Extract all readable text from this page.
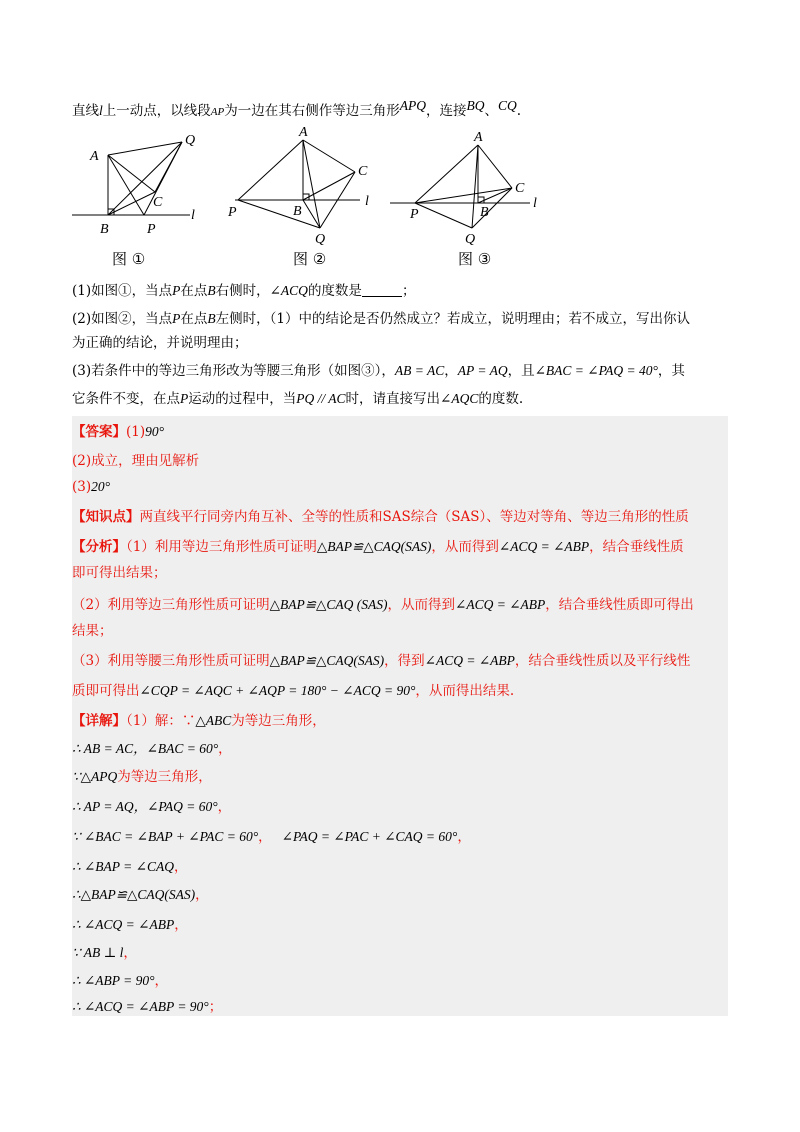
直线l上一动点，以线段AP为一边在其右侧作等边三角形APQ，连接BQ、CQ.
A
B
C
P
Q
l
A
B
C
P
Q
l
A
B
C
P
Q
l
图 ①	图 ②	图 ③
(1)如图①，当点P在点B右侧时，∠ACQ的度数是	；
(2)如图②，当点P在点B左侧时，（1）中的结论是否仍然成立？若成立，说明理由；若不成立，写出你认
为正确的结论，并说明理由；
(3)若条件中的等边三角形改为等腰三角形（如图③），AB = AC，AP = AQ，且∠BAC = ∠PAQ = 40°，其
它条件不变，在点P运动的过程中，当PQ // AC时，请直接写出∠AQC的度数.
【答案】(1)90°
(2)成立，理由见解析
(3)20°
【知识点】两直线平行同旁内角互补、全等的性质和SAS综合（SAS）、等边对等角、等边三角形的性质
【分析】（1）利用等边三角形性质可证明△BAP≌△CAQ(SAS)，从而得到∠ACQ = ∠ABP，结合垂线性质
即可得出结果；
（2）利用等边三角形性质可证明△BAP≌△CAQ (SAS)，从而得到∠ACQ = ∠ABP，结合垂线性质即可得出
结果；
（3）利用等腰三角形性质可证明△BAP≌△CAQ(SAS)，得到∠ACQ = ∠ABP，结合垂线性质以及平行线性
质即可得出∠CQP = ∠AQC + ∠AQP = 180° − ∠ACQ = 90°，从而得出结果.
【详解】（1）解：∵△ABC为等边三角形，
∴ AB = AC，∠BAC = 60°，
∵△APQ为等边三角形，
∴ AP = AQ，∠PAQ = 60°，
∵ ∠BAC = ∠BAP + ∠PAC = 60°， ∠PAQ = ∠PAC + ∠CAQ = 60°，
∴ ∠BAP = ∠CAQ，
∴△BAP≌△CAQ(SAS)，
∴ ∠ACQ = ∠ABP，
∵ AB ⊥ l，
∴ ∠ABP = 90°，
∴ ∠ACQ = ∠ABP = 90°；
